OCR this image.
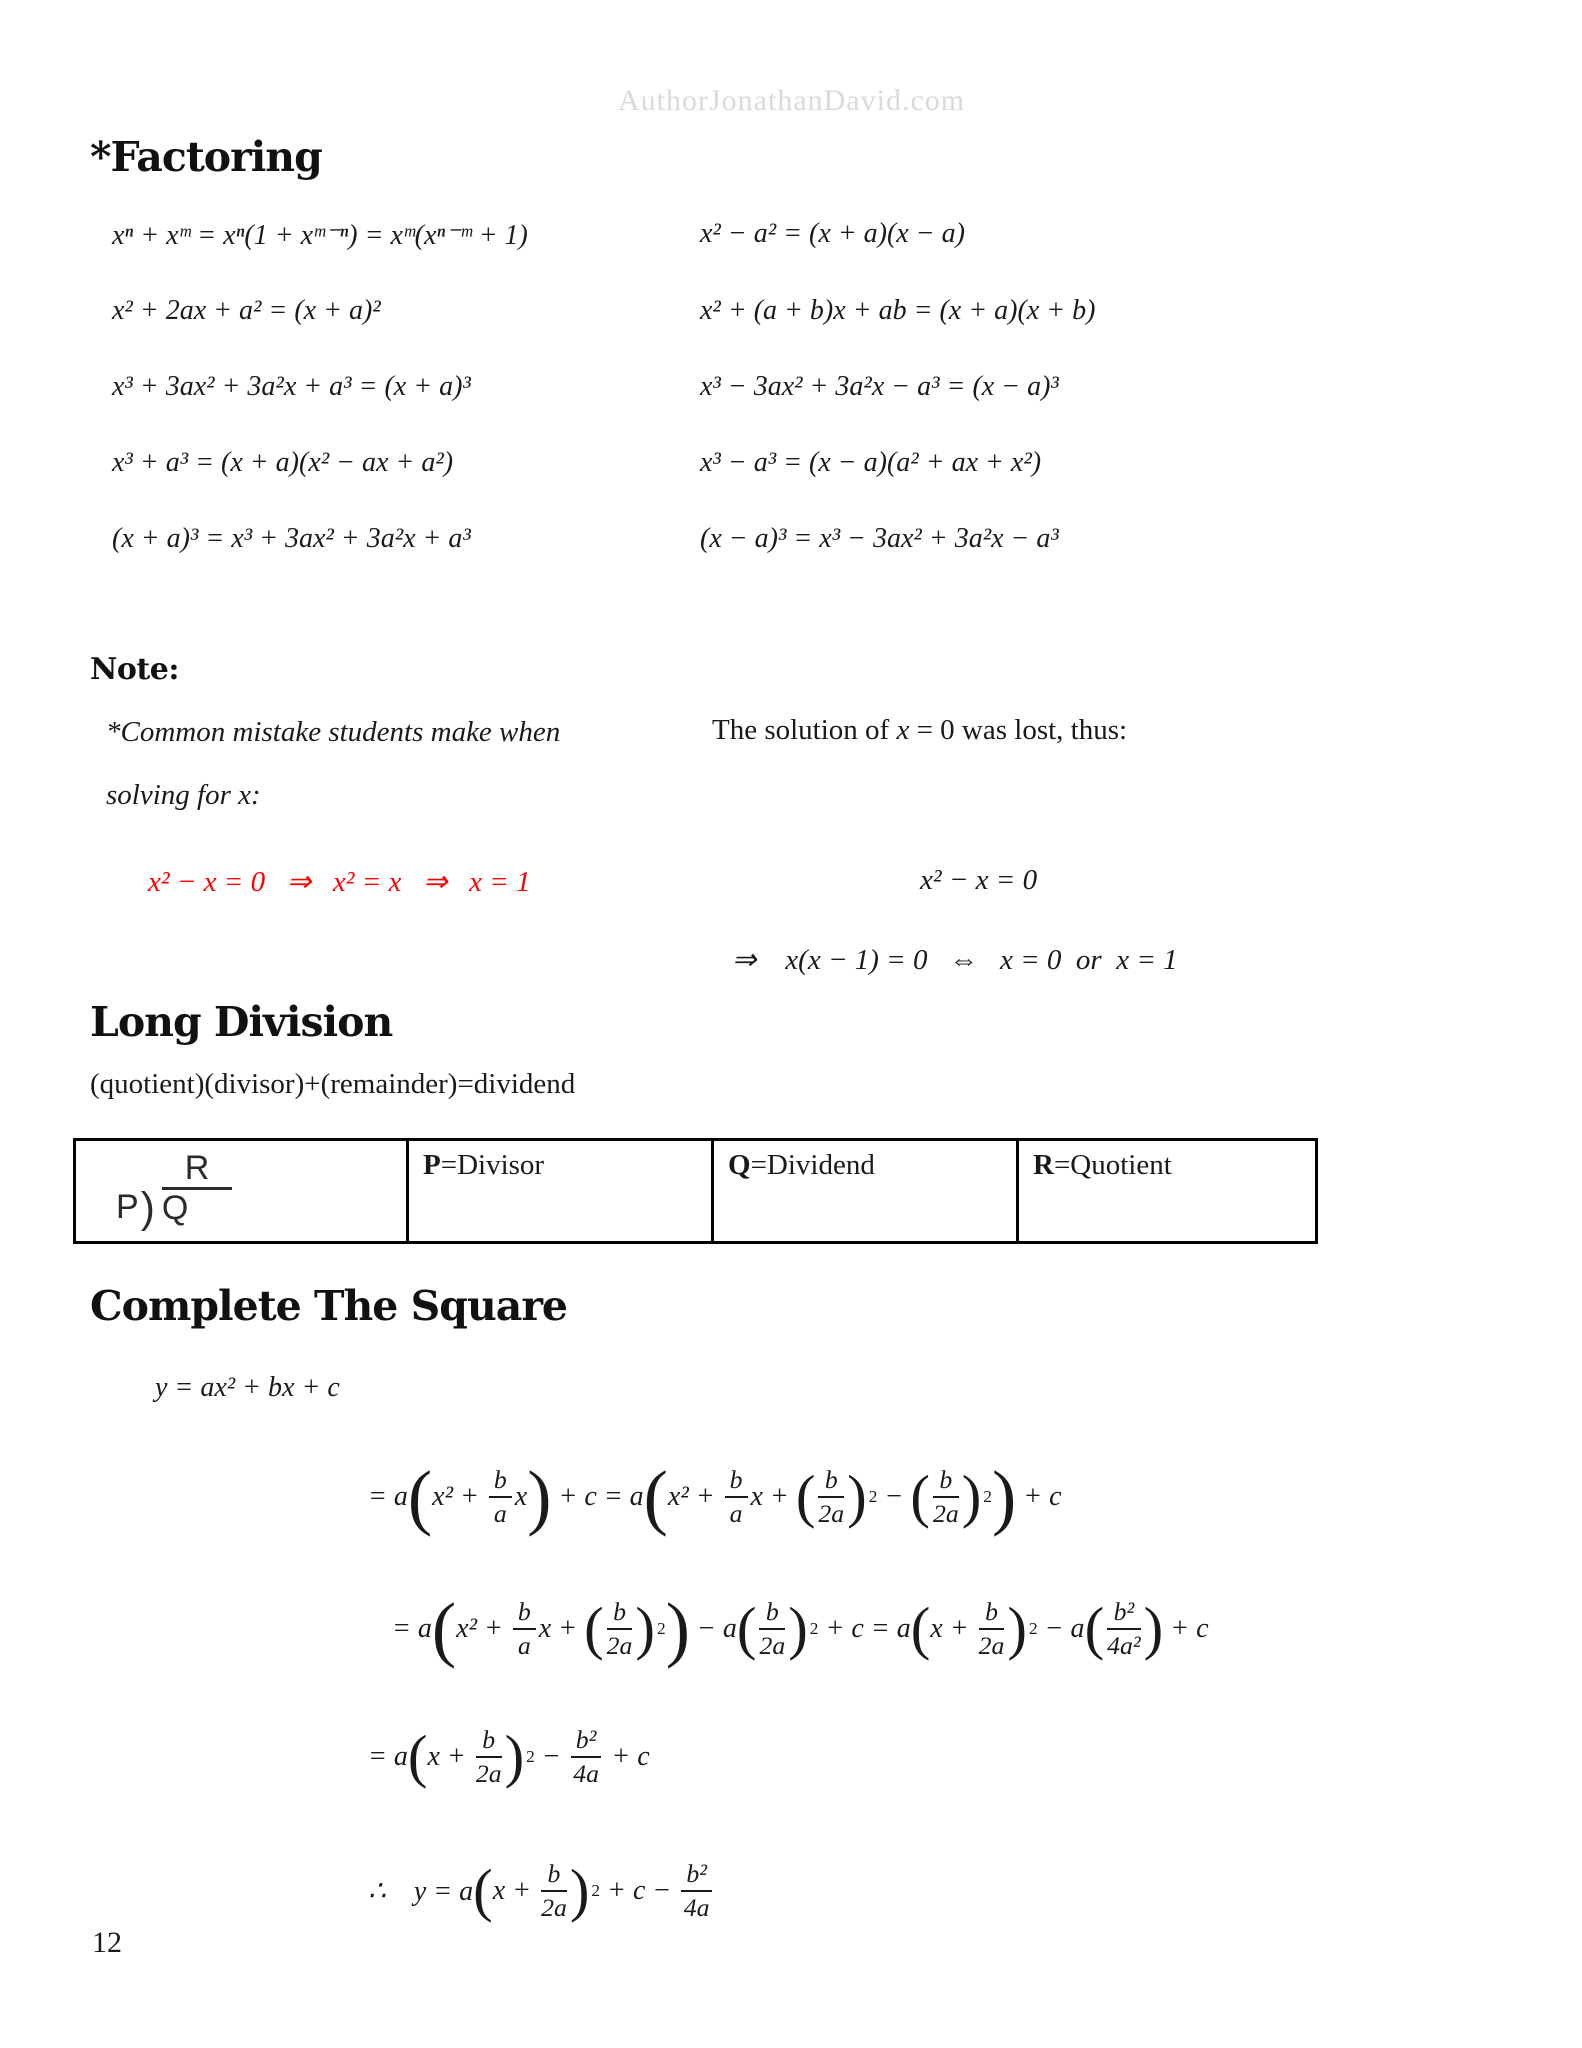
AuthorJonathanDavid.com
*Factoring
xⁿ + xᵐ = xⁿ(1 + xᵐ⁻ⁿ) = xᵐ(xⁿ⁻ᵐ + 1)	x² − a² = (x + a)(x − a)
x² + 2ax + a² = (x + a)²	x² + (a + b)x + ab = (x + a)(x + b)
x³ + 3ax² + 3a²x + a³ = (x + a)³	x³ − 3ax² + 3a²x − a³ = (x − a)³
x³ + a³ = (x + a)(x² − ax + a²)	x³ − a³ = (x − a)(a² + ax + x²)
(x + a)³ = x³ + 3ax² + 3a²x + a³	(x − a)³ = x³ − 3ax² + 3a²x − a³
Note:
*Common mistake students make when
solving for x:
The solution of x = 0 was lost, thus:
x² − x = 0   ⇒   x² = x   ⇒   x = 1	x² − x = 0
⇒    x(x − 1) = 0   ⇔   x = 0  or  x = 1
Long Division
(quotient)(divisor)+(remainder)=dividend
$\frac{R}{P ) Q}$	P=Divisor	Q=Dividend	R=Quotient
Complete The Square
y = ax² + bx + c
= a ( x² +
b
a
x ) + c = a ( x² +
b
a
x + ( b
2a ) 2 − ( b
2a ) 2 ) + c
= a ( x² +
b
a
x + ( b
2a ) 2 ) − a ( b
2a ) 2 + c = a ( x +
b
2a ) 2 − a ( b²
4a² ) + c
= a ( x +
b
2a ) 2 −
b²
4a
+ c
∴    y = a ( x +
b
2a ) 2 + c −
b²
4a
12
